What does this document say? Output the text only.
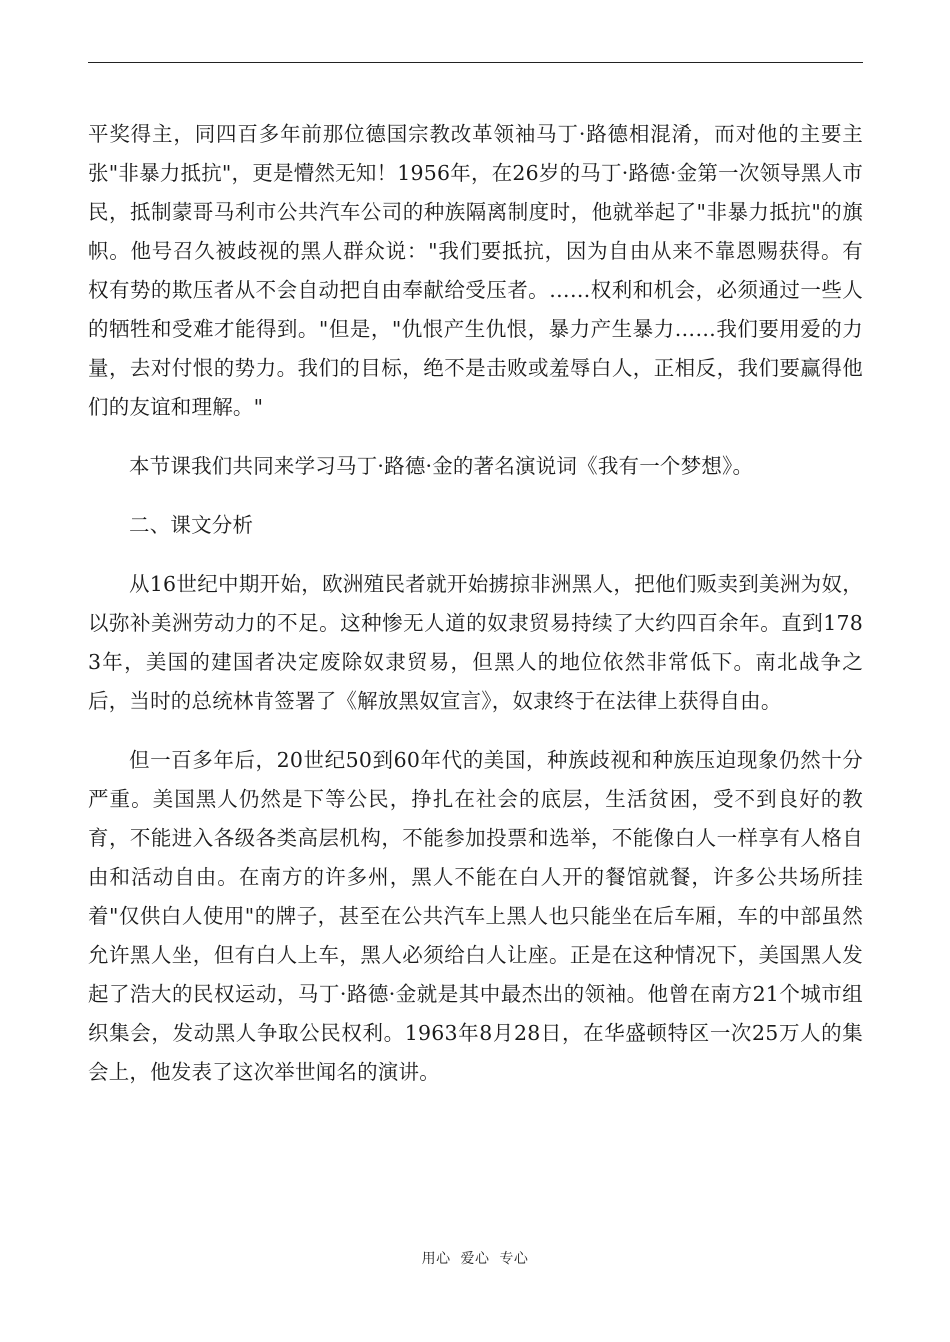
平奖得主，同四百多年前那位德国宗教改革领袖马丁·路德相混淆，而对他的主要主张"非暴力抵抗"，更是懵然无知！1956年，在26岁的马丁·路德·金第一次领导黑人市民，抵制蒙哥马利市公共汽车公司的种族隔离制度时，他就举起了"非暴力抵抗"的旗帜。他号召久被歧视的黑人群众说："我们要抵抗，因为自由从来不靠恩赐获得。有权有势的欺压者从不会自动把自由奉献给受压者。……权利和机会，必须通过一些人的牺牲和受难才能得到。"但是，"仇恨产生仇恨，暴力产生暴力……我们要用爱的力量，去对付恨的势力。我们的目标，绝不是击败或羞辱白人，正相反，我们要赢得他们的友谊和理解。"

本节课我们共同来学习马丁·路德·金的著名演说词《我有一个梦想》。

二、课文分析

从16世纪中期开始，欧洲殖民者就开始掳掠非洲黑人，把他们贩卖到美洲为奴，以弥补美洲劳动力的不足。这种惨无人道的奴隶贸易持续了大约四百余年。直到1783年，美国的建国者决定废除奴隶贸易，但黑人的地位依然非常低下。南北战争之后，当时的总统林肯签署了《解放黑奴宣言》，奴隶终于在法律上获得自由。

但一百多年后，20世纪50到60年代的美国，种族歧视和种族压迫现象仍然十分严重。美国黑人仍然是下等公民，挣扎在社会的底层，生活贫困，受不到良好的教育，不能进入各级各类高层机构，不能参加投票和选举，不能像白人一样享有人格自由和活动自由。在南方的许多州，黑人不能在白人开的餐馆就餐，许多公共场所挂着"仅供白人使用"的牌子，甚至在公共汽车上黑人也只能坐在后车厢，车的中部虽然允许黑人坐，但有白人上车，黑人必须给白人让座。正是在这种情况下，美国黑人发起了浩大的民权运动，马丁·路德·金就是其中最杰出的领袖。他曾在南方21个城市组织集会，发动黑人争取公民权利。1963年8月28日，在华盛顿特区一次25万人的集会上，他发表了这次举世闻名的演讲。

用心  爱心  专心
